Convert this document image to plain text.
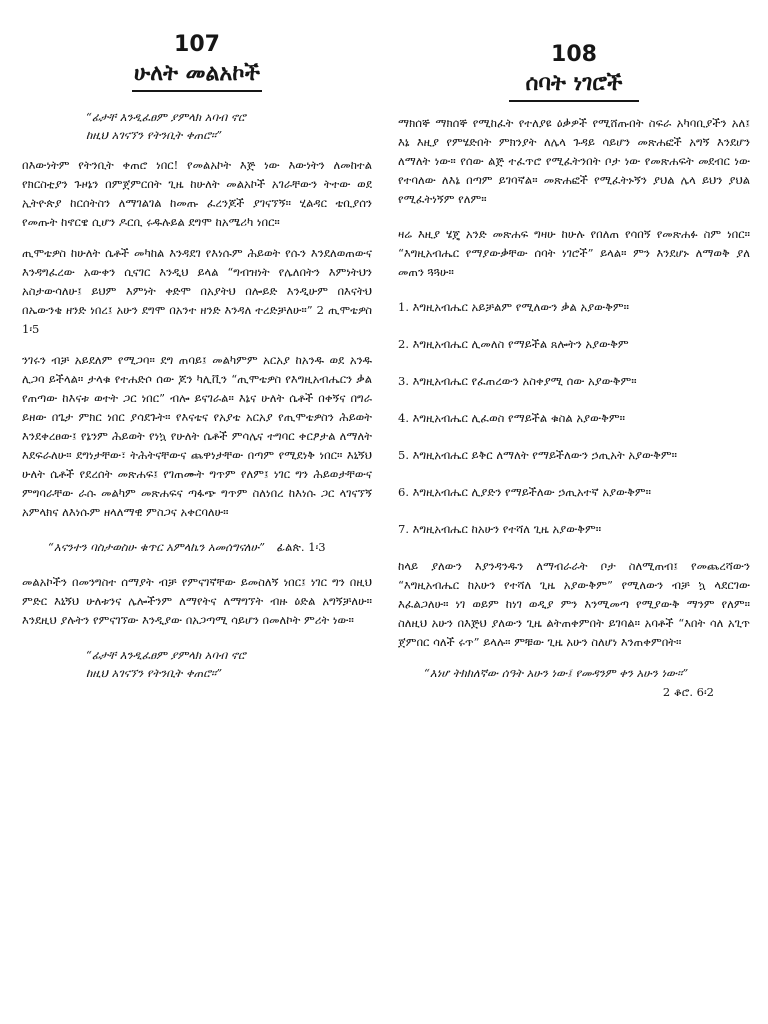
107
ሁለት መልአኮች

“ፊታቸ እንዲፈፀም ያምላክ አባብ ኖሮ
ከዚህ አገናኘን የትንቢት ቀጠሮ።”

በእውነትም የትንቢት ቀጠሮ ነበር! የመልአኮት እጅ ነው እውነትን ለመከተል የክርስቲያን ጉዞኔን በምጀምርበት ጊዜ ከሁለት መልአኮች አገራቸውን ትተው ወደ ኢትዮጵያ ከርሰትስን ለማገልገል ከመጡ ፈረንጆች ያገናኘኝ። ሂልዳር ቴቢያሰን የመጡት ከኖርዌ ሲሆን ዶርቢ ሩዱሉይል ደግሞ ከአሜሪካ ነበር።

ጢሞቴዎስ ከሁለት ሴቶች መካከል እንዳደገ የእነሱም ሕይወት የሱን እንደለወጠውና እንዳግፈረው አውቀን ሲናገር እንዲህ ይላል “ግብዝነት የሌለበትን እምነትህን አስታውሳለሁ፤ ይህም እምነት ቀድሞ በአያትህ በሎይድ እንዲሁም በእናትህ በኤውንቄ ዘንድ ነበረ፤ አሁን ደግሞ በአንተ ዘንድ እንዳለ ተረድቻለሁ።” 2 ጢሞቴዎስ 1፡5

ንገሩን ብቻ አይደለም የሚጋባ። ደግ ጠባይ፤ መልካምም አርአያ ከአንዱ ወደ አንዱ ሊጋባ ይችላል። ታላቁ የተሐድሶ ሰው ጆን ካሊቪን “ጢሞቴዎስ የእግዚአብሔርን ቃል የጠጣው ከእናቱ ወተት ጋር ነበር” ብሎ ይናገራል። እኔና ሁለት ሴቶች በቀኝና በግራ ይዘው በጌታ ምክር ነበር ያሳደጉት። የእናቴና የአያቴ አርአያ የጢሞቴዎስን ሕይወት እንደቀረፀው፤ የኔንም ሕይወት የነኳ የሁለት ሴቶች ምሳሌና ተግባር ቀርፆታል ለማለት እደፍራለሁ። ደግነታቸው፣ ትሕትናቸውና ጨዋነታቸው በጣም የሚደነቅ ነበር። እኒኝህ ሁለት ሴቶች የደረሰት መጽሐፍ፤ የገጠሙት ግጥም የለም፤ ነገር ግን ሕይወታቸውና ምግባራቸው ራሱ መልካም መጽሐፍና ጣፋጭ ግጥም ስለነበረ ከእነሱ ጋር ላገናኘኝ አምላክና ለእነሱም ዘላለማዊ ምስጋና አቀርባለሁ።

“እናንተን ባስታወስሁ ቁጥር አምላኬን አመሰግናለሁ” ፊልጵ. 1፡3

መልአኮችን በመንግስተ ሰማያት ብቻ የምናገኛቸው ይመስለኝ ነበር፤ ነገር ግን በዚህ ምድር እኒኝህ ሁለቱንና ሌሎችንም ለማየትና ለማግኘት ብዙ ዕድል አግኝቻለሁ። እንደዚህ ያሉትን የምናገኘው እንዲያው በአጋጣሚ ሳይሆን በመለኮት ምሪት ነው።

“ፊታቸ እንዲፈፀም ያምላክ አባብ ኖሮ
ከዚህ አገናኘን የትንቢት ቀጠሮ።”

108
ሰባት ነገሮች

ማክሰኞ ማክሰኞ የሚከፈት የተለያዩ ዕቃዎች የሚሸጡበት ስፍራ አካባቢያችን አለ፤ እኔ እዚያ የምሄድበት ምክንያት ለሌላ ጉዳይ ሳይሆን መጽሐፎች አግኝ እንደሆን ለማለት ነው። የሰው ልጅ ተፈጥሮ የሚፈትንበት ቦታ ነው የመጽሐፍት መደብር ነው የተባለው ለእኔ በጣም ይገባኛል። መጽሐፎች የሚፈትኑኝን ያህል ሌላ ይህን ያህል የሚፈትነኝም የለም።

ዛሬ እዚያ ሄጄ አንድ መጽሐፍ ግዛሁ ከሁሉ የበለጠ የሳበኝ የመጽሐፉ ስም ነበር። “እግዚአብሔር የማያውቃቸው ሰባት ነገሮች” ይላል። ምን እንደሆኑ ለማወቅ ያለ መጠን ጓጓሁ።

1. እግዚአብሔር አይቻልም የሚለውን ቃል አያውቅም።

2. እግዚአብሔር ሊመለስ የማይችል ጸሎትን አያውቅም

3. እግዚአብሔር የፈጠረውን አስቀያሚ ሰው አያውቅም።

4. እግዚአብሔር ሊፈወስ የማይችል ቁስል አያውቅም።

5. እግዚአብሔር ይቅር ለማለት የማይችለውን ኃጢአት አያውቅም።

6. እግዚአብሔር ሊያድን የማይችለው ኃጢአተኛ አያውቅም።

7. እግዚአብሔር ከአሁን የተሻለ ጊዜ አያውቅም።

ከላይ ያለውን እያንዳንዱን ለማብራራት ቦታ ስለሚጠብ፤ የመጨረሻውን “እግዚአብሔር ከአሁን የተሻለ ጊዜ አያውቅም” የሚለውን ብቻ ኳ ላደርገው እፈልጋለሁ። ነገ ወይም ከነገ ወዲያ ምን እንሚመጣ የሚያውቅ ማንም የለም። ስለዚህ አሁን በእጅህ ያለውን ጊዜ ልትጠቀምበት ይገባል። አባቶች “እበት ሳለ አጊጥ ጀምበር ሳለች ሩጥ” ይላሉ። ምቹው ጊዜ አሁን ስለሆነ እንጠቀምበት።

“እነሆ ትክክለኛው ሰዓት አሁን ነው፤ የመዳንም ቀን አሁን ነው።”

2 ቆሮ. 6፡2
